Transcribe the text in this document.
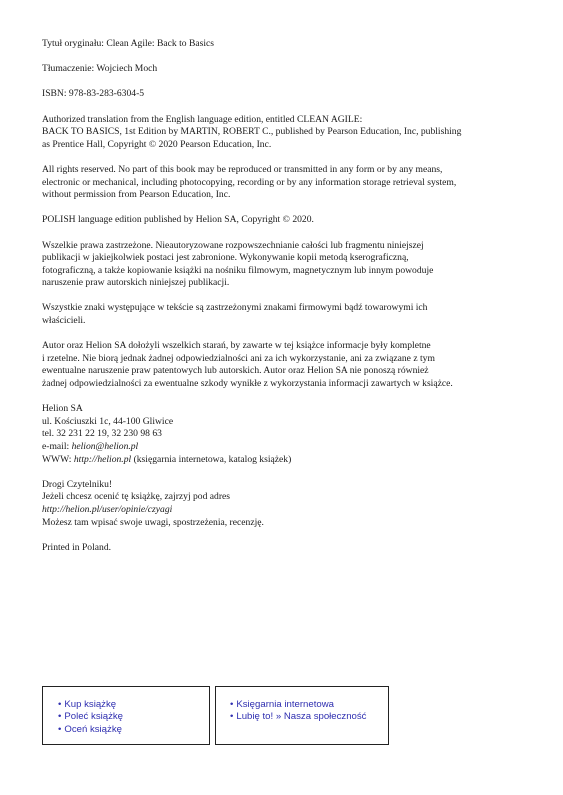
Tytuł oryginału: Clean Agile: Back to Basics

Tłumaczenie: Wojciech Moch

ISBN: 978-83-283-6304-5

Authorized translation from the English language edition, entitled CLEAN AGILE:
BACK TO BASICS, 1st Edition by MARTIN, ROBERT C., published by Pearson Education, Inc, publishing
as Prentice Hall, Copyright © 2020 Pearson Education, Inc.

All rights reserved. No part of this book may be reproduced or transmitted in any form or by any means,
electronic or mechanical, including photocopying, recording or by any information storage retrieval system,
without permission from Pearson Education, Inc.

POLISH language edition published by Helion SA, Copyright © 2020.

Wszelkie prawa zastrzeżone. Nieautoryzowane rozpowszechnianie całości lub fragmentu niniejszej
publikacji w jakiejkolwiek postaci jest zabronione. Wykonywanie kopii metodą kserograficzną,
fotograficzną, a także kopiowanie książki na nośniku filmowym, magnetycznym lub innym powoduje
naruszenie praw autorskich niniejszej publikacji.

Wszystkie znaki występujące w tekście są zastrzeżonymi znakami firmowymi bądź towarowymi ich
właścicieli.

Autor oraz Helion SA dołożyli wszelkich starań, by zawarte w tej książce informacje były kompletne
i rzetelne. Nie biorą jednak żadnej odpowiedzialności ani za ich wykorzystanie, ani za związane z tym
ewentualne naruszenie praw patentowych lub autorskich. Autor oraz Helion SA nie ponoszą również
żadnej odpowiedzialności za ewentualne szkody wynikłe z wykorzystania informacji zawartych w książce.

Helion SA
ul. Kościuszki 1c, 44-100 Gliwice
tel. 32 231 22 19, 32 230 98 63
e-mail: helion@helion.pl
WWW: http://helion.pl (księgarnia internetowa, katalog książek)

Drogi Czytelniku!
Jeżeli chcesz ocenić tę książkę, zajrzyj pod adres
http://helion.pl/user/opinie/czyagi
Możesz tam wpisać swoje uwagi, spostrzeżenia, recenzję.

Printed in Poland.

• Kup książkę
• Poleć książkę
• Oceń książkę
• Księgarnia internetowa
• Lubię to! » Nasza społeczność
